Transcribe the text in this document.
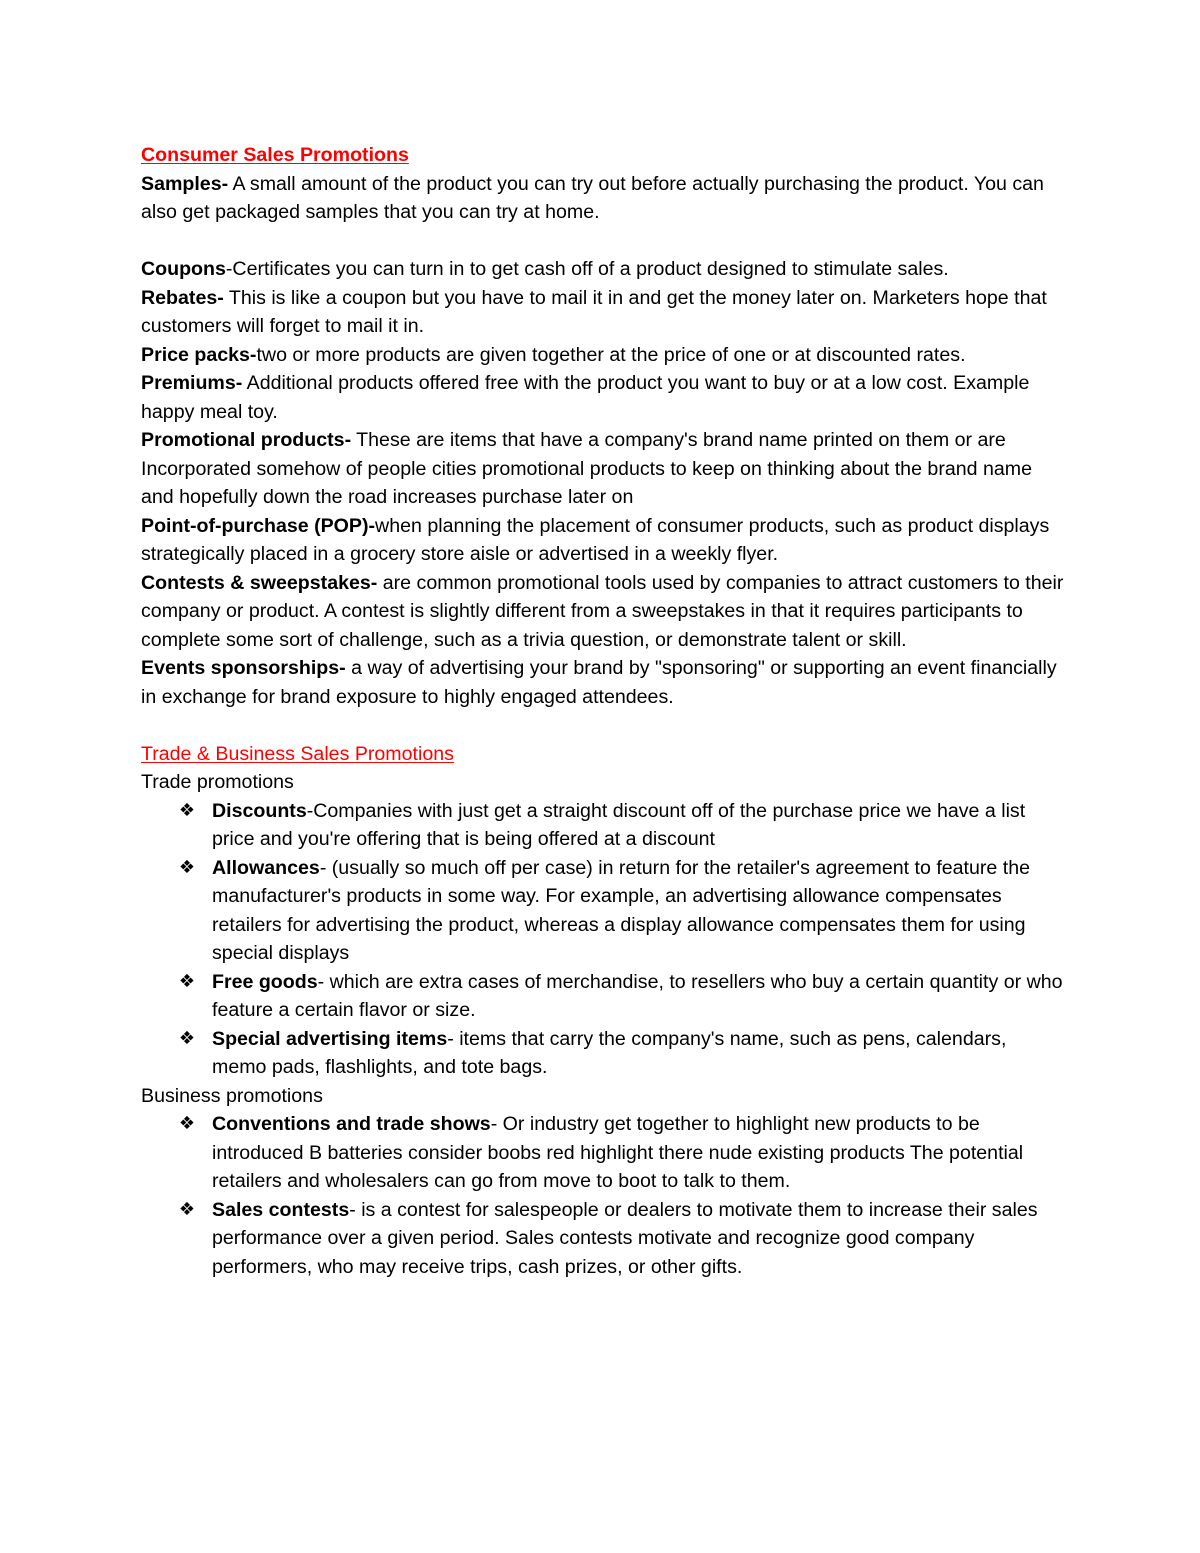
Consumer Sales Promotions

Samples- A small amount of the product you can try out before actually purchasing the product. You can also get packaged samples that you can try at home.

Coupons-Certificates you can turn in to get cash off of a product designed to stimulate sales.

Rebates- This is like a coupon but you have to mail it in and get the money later on. Marketers hope that customers will forget to mail it in.

Price packs-two or more products are given together at the price of one or at discounted rates.

Premiums- Additional products offered free with the product you want to buy or at a low cost. Example happy meal toy.

Promotional products- These are items that have a company's brand name printed on them or are Incorporated somehow of people cities promotional products to keep on thinking about the brand name and hopefully down the road increases purchase later on

Point-of-purchase (POP)-when planning the placement of consumer products, such as product displays strategically placed in a grocery store aisle or advertised in a weekly flyer.

Contests & sweepstakes- are common promotional tools used by companies to attract customers to their company or product. A contest is slightly different from a sweepstakes in that it requires participants to complete some sort of challenge, such as a trivia question, or demonstrate talent or skill.

Events sponsorships- a way of advertising your brand by "sponsoring" or supporting an event financially in exchange for brand exposure to highly engaged attendees.

Trade & Business Sales Promotions

Trade promotions

❖ Discounts-Companies with just get a straight discount off of the purchase price we have a list price and you're offering that is being offered at a discount
❖ Allowances- (usually so much off per case) in return for the retailer's agreement to feature the manufacturer's products in some way. For example, an advertising allowance compensates retailers for advertising the product, whereas a display allowance compensates them for using special displays
❖ Free goods- which are extra cases of merchandise, to resellers who buy a certain quantity or who feature a certain flavor or size.
❖ Special advertising items- items that carry the company's name, such as pens, calendars, memo pads, flashlights, and tote bags.

Business promotions

❖ Conventions and trade shows- Or industry get together to highlight new products to be introduced B batteries consider boobs red highlight there nude existing products The potential retailers and wholesalers can go from move to boot to talk to them.
❖ Sales contests- is a contest for salespeople or dealers to motivate them to increase their sales performance over a given period. Sales contests motivate and recognize good company performers, who may receive trips, cash prizes, or other gifts.
